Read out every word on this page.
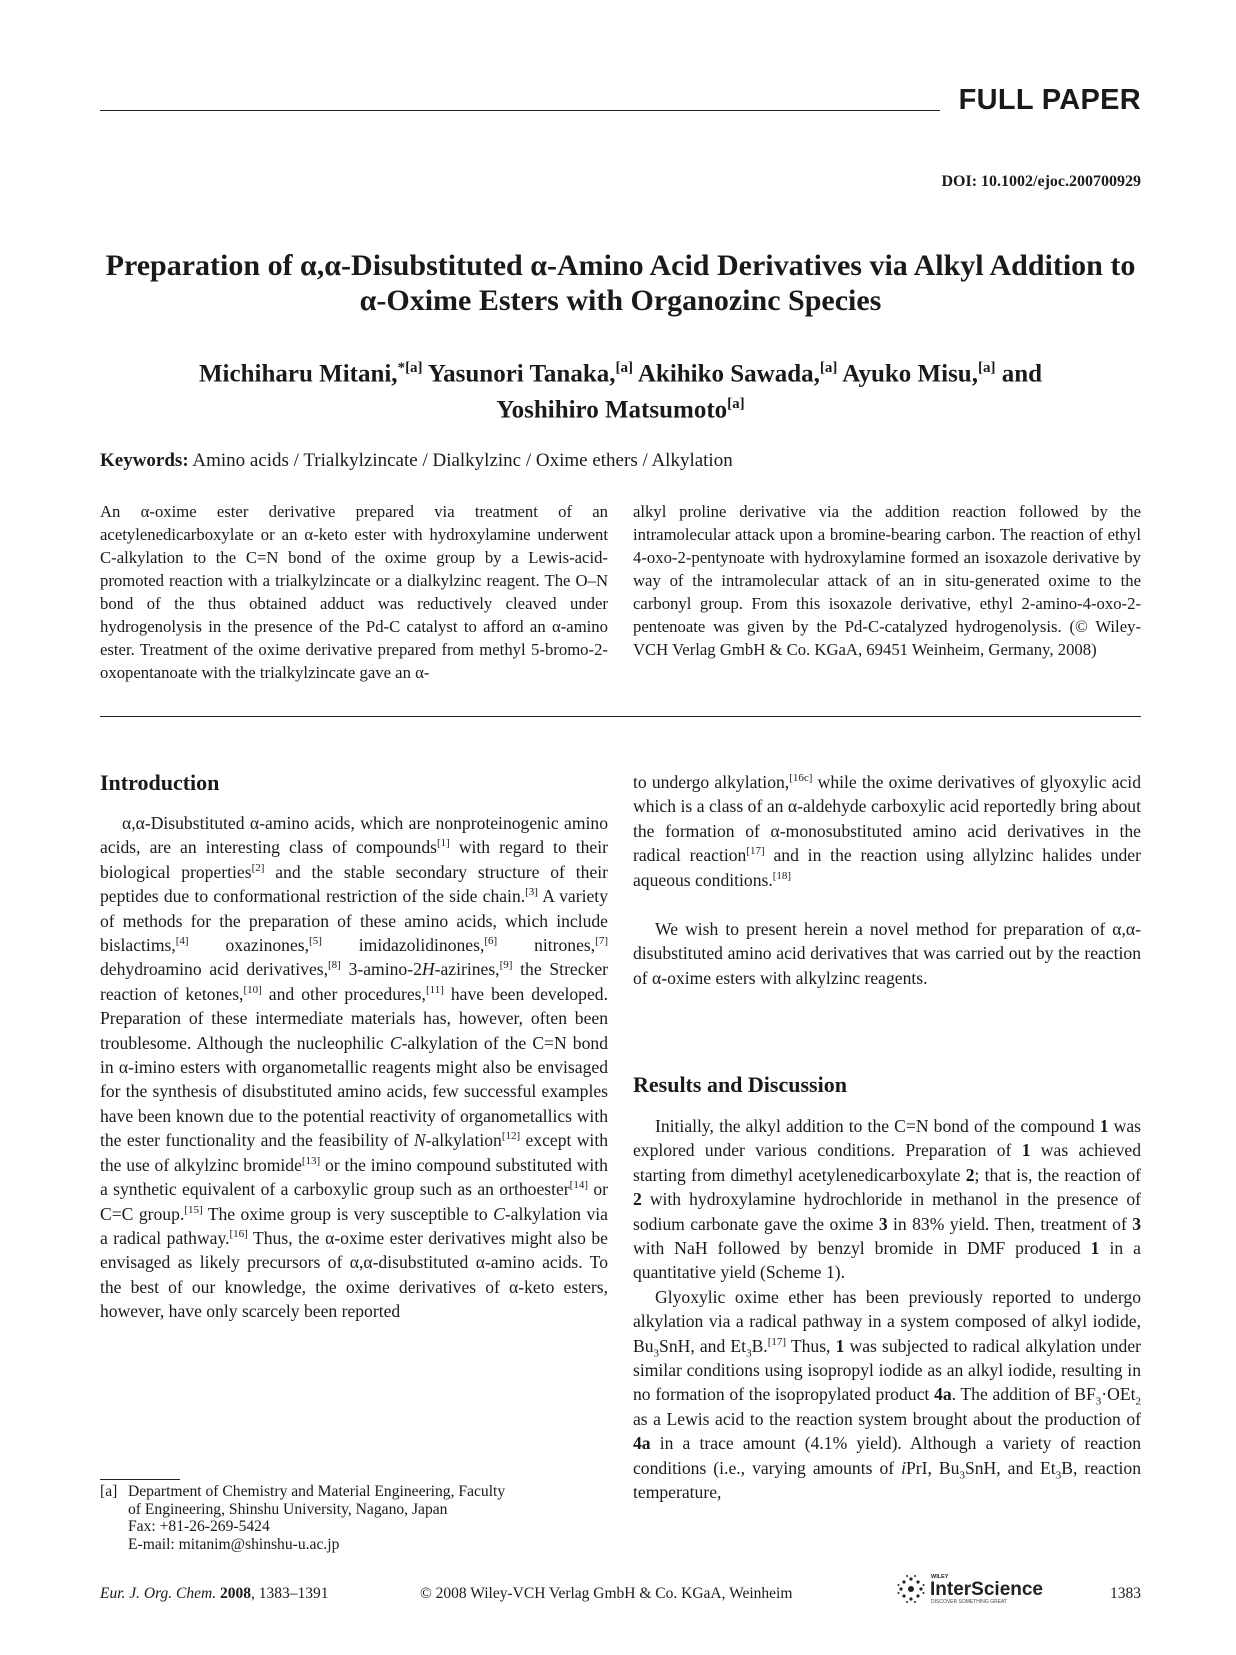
FULL PAPER
DOI: 10.1002/ejoc.200700929
Preparation of α,α-Disubstituted α-Amino Acid Derivatives via Alkyl Addition to α-Oxime Esters with Organozinc Species
Michiharu Mitani,$^{*[a]}$ Yasunori Tanaka,[a] Akihiko Sawada,[a] Ayuko Misu,[a] and
Yoshihiro Matsumoto[a]
Keywords: Amino acids / Trialkylzincate / Dialkylzinc / Oxime ethers / Alkylation
An α-oxime ester derivative prepared via treatment of an acetylenedicarboxylate or an α-keto ester with hydroxylamine underwent C-alkylation to the C=N bond of the oxime group by a Lewis-acid-promoted reaction with a trialkylzincate or a dialkylzinc reagent. The O–N bond of the thus obtained adduct was reductively cleaved under hydrogenolysis in the presence of the Pd-C catalyst to afford an α-amino ester. Treatment of the oxime derivative prepared from methyl 5-bromo-2-oxopentanoate with the trialkylzincate gave an α-
alkyl proline derivative via the addition reaction followed by the intramolecular attack upon a bromine-bearing carbon. The reaction of ethyl 4-oxo-2-pentynoate with hydroxylamine formed an isoxazole derivative by way of the intramolecular attack of an in situ-generated oxime to the carbonyl group. From this isoxazole derivative, ethyl 2-amino-4-oxo-2-pentenoate was given by the Pd-C-catalyzed hydrogenolysis. (© Wiley-VCH Verlag GmbH & Co. KGaA, 69451 Weinheim, Germany, 2008)
Introduction

α,α-Disubstituted α-amino acids, which are nonproteinogenic amino acids, are an interesting class of compounds[1] with regard to their biological properties[2] and the stable secondary structure of their peptides due to conformational restriction of the side chain.[3] A variety of methods for the preparation of these amino acids, which include bislactims,[4] oxazinones,[5] imidazolidinones,[6] nitrones,[7] dehydroamino acid derivatives,[8] 3-amino-2H-azirines,[9] the Strecker reaction of ketones,[10] and other procedures,[11] have been developed. Preparation of these intermediate materials has, however, often been troublesome. Although the nucleophilic C-alkylation of the C=N bond in α-imino esters with organometallic reagents might also be envisaged for the synthesis of disubstituted amino acids, few successful examples have been known due to the potential reactivity of organometallics with the ester functionality and the feasibility of N-alkylation[12] except with the use of alkylzinc bromide[13] or the imino compound substituted with a synthetic equivalent of a carboxylic group such as an orthoester[14] or C=C group.[15] The oxime group is very susceptible to C-alkylation via a radical pathway.[16] Thus, the α-oxime ester derivatives might also be envisaged as likely precursors of α,α-disubstituted α-amino acids. To the best of our knowledge, the oxime derivatives of α-keto esters, however, have only scarcely been reported

to undergo alkylation,[16c] while the oxime derivatives of glyoxylic acid which is a class of an α-aldehyde carboxylic acid reportedly bring about the formation of α-monosubstituted amino acid derivatives in the radical reaction[17] and in the reaction using allylzinc halides under aqueous conditions.[18]

We wish to present herein a novel method for preparation of α,α-disubstituted amino acid derivatives that was carried out by the reaction of α-oxime esters with alkylzinc reagents.

Results and Discussion

Initially, the alkyl addition to the C=N bond of the compound 1 was explored under various conditions. Preparation of 1 was achieved starting from dimethyl acetylenedicarboxylate 2; that is, the reaction of 2 with hydroxylamine hydrochloride in methanol in the presence of sodium carbonate gave the oxime 3 in 83% yield. Then, treatment of 3 with NaH followed by benzyl bromide in DMF produced 1 in a quantitative yield (Scheme 1).

Glyoxylic oxime ether has been previously reported to undergo alkylation via a radical pathway in a system composed of alkyl iodide, $Bu_3SnH$, and $Et_3B.[17]$ Thus, 1 was subjected to radical alkylation under similar conditions using isopropyl iodide as an alkyl iodide, resulting in no formation of the isopropylated product 4a. The addition of $BF_3\cdot OEt_2$ as a Lewis acid to the reaction system brought about the production of 4a in a trace amount (4.1% yield). Although a variety of reaction conditions (i.e., varying amounts of iPrI, $Bu_3SnH$, and $Et_3B$, reaction temperature,

[a] Department of Chemistry and Material Engineering, Faculty
of Engineering, Shinshu University, Nagano, Japan
Fax: +81-26-269-5424
E-mail: mitanim@shinshu-u.ac.jp
Eur. J. Org. Chem. 2008, 1383–1391	© 2008 Wiley-VCH Verlag GmbH & Co. KGaA, Weinheim
WILEY
InterScience
DISCOVER SOMETHING GREAT	1383
